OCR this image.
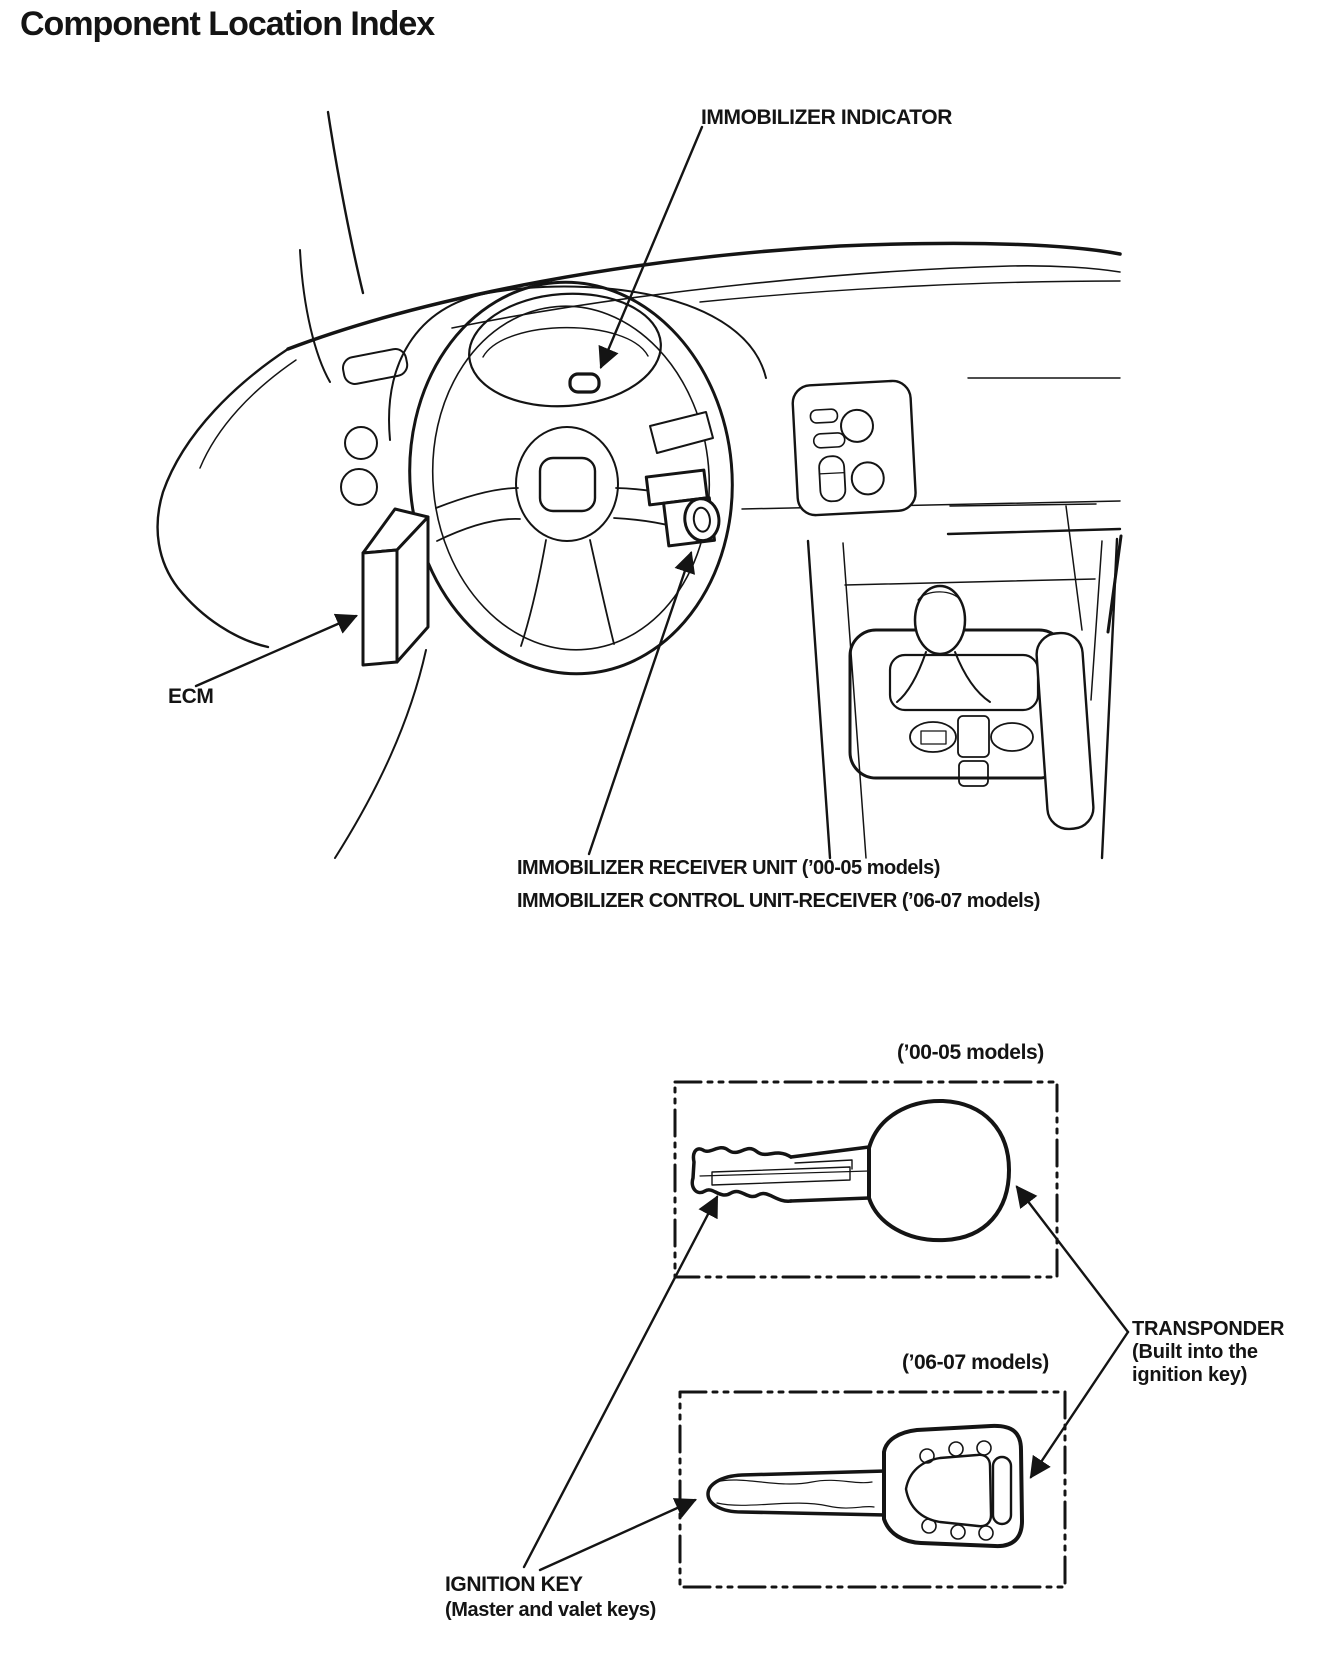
Component Location Index
IMMOBILIZER INDICATOR
ECM
IMMOBILIZER RECEIVER UNIT (’00-05 models)
IMMOBILIZER CONTROL UNIT-RECEIVER (’06-07 models)
(’00-05 models)
(’06-07 models)
TRANSPONDER
(Built into the
ignition key)
IGNITION KEY
(Master and valet keys)
